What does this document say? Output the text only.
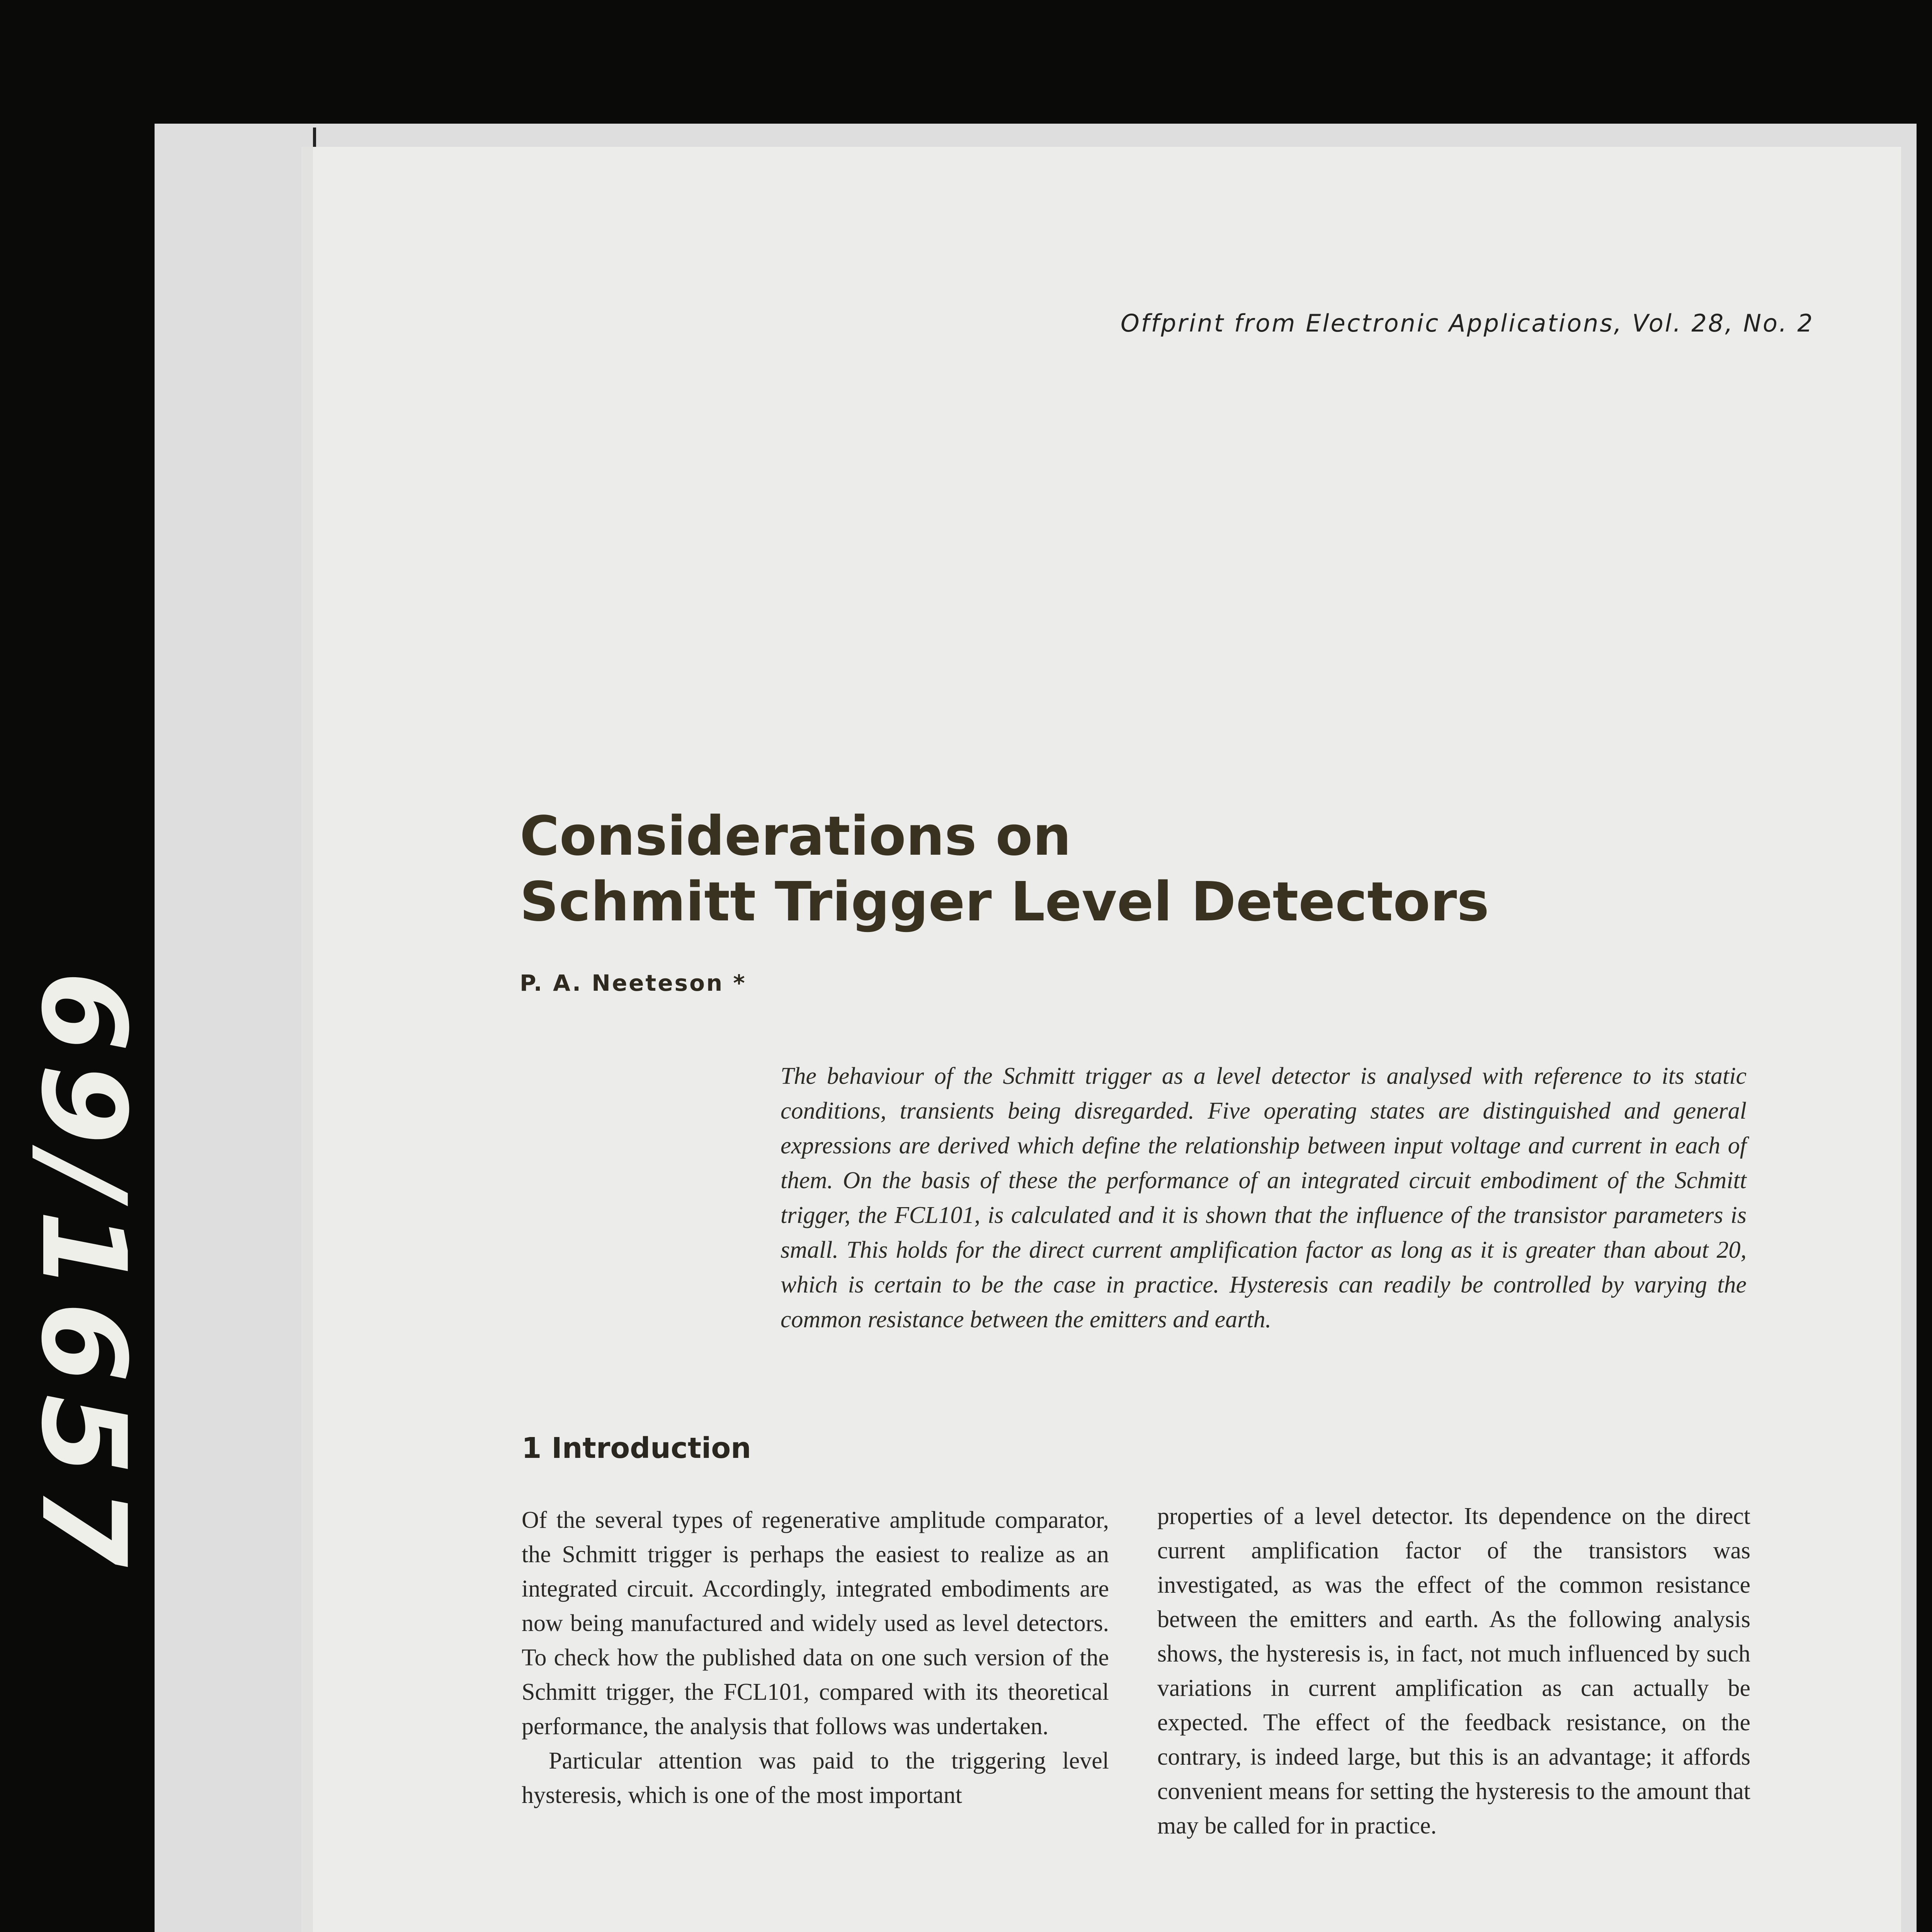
69/1657
Offprint from Electronic Applications, Vol. 28, No. 2
Considerations on
Schmitt Trigger Level Detectors
P. A. Neeteson *

The behaviour of the Schmitt trigger as a level detector is analysed with reference to its static conditions, transients being disregarded. Five operating states are distinguished and general expressions are derived which define the relationship between input voltage and current in each of them. On the basis of these the performance of an integrated circuit embodiment of the Schmitt trigger, the FCL101, is calculated and it is shown that the influence of the transistor parameters is small. This holds for the direct current amplification factor as long as it is greater than about 20, which is certain to be the case in practice. Hysteresis can readily be controlled by varying the common resistance between the emitters and earth.

1 Introduction

Of the several types of regenerative amplitude comparator, the Schmitt trigger is perhaps the easiest to realize as an integrated circuit. Accordingly, integrated embodiments are now being manufactured and widely used as level detectors. To check how the published data on one such version of the Schmitt trigger, the FCL101, compared with its theoretical performance, the analysis that follows was undertaken.

Particular attention was paid to the triggering level hysteresis, which is one of the most important

properties of a level detector. Its dependence on the direct current amplification factor of the transistors was investigated, as was the effect of the common resistance between the emitters and earth. As the following analysis shows, the hysteresis is, in fact, not much influenced by such variations in current amplification as can actually be expected. The effect of the feedback resistance, on the contrary, is indeed large, but this is an advantage; it affords convenient means for setting the hysteresis to the amount that may be called for in practice.
